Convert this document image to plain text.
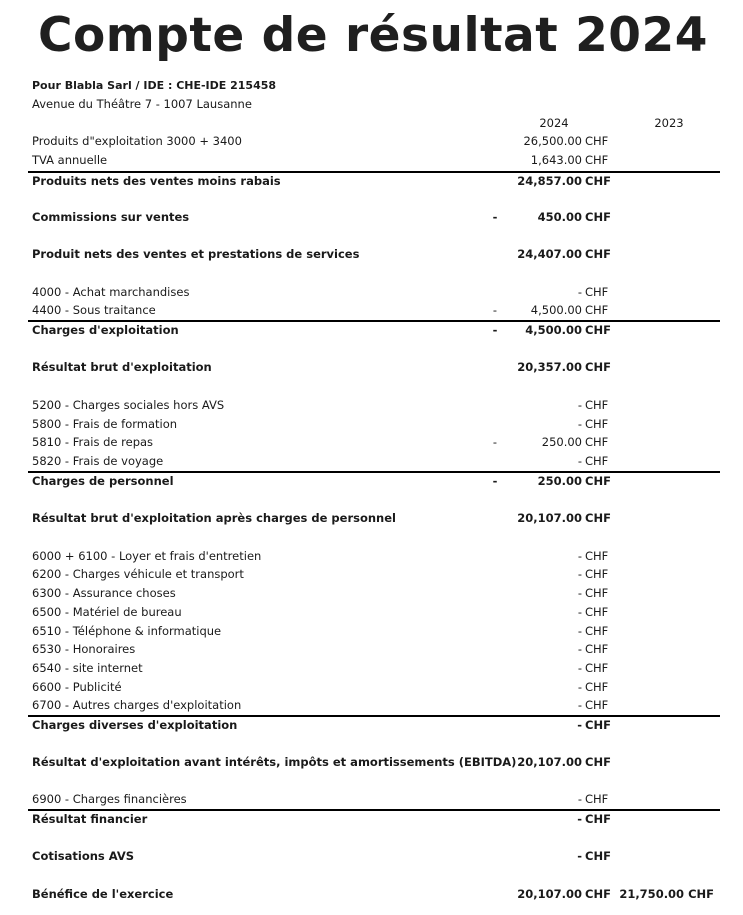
Compte de résultat 2024
Pour Blabla Sarl / IDE : CHE-IDE 215458
Avenue du Théâtre 7 - 1007 Lausanne
2024	2023
Produits d"exploitation 3000 + 3400	26,500.00 CHF
TVA annuelle	1,643.00 CHF
Produits nets des ventes moins rabais	24,857.00 CHF
Commissions sur ventes	-	450.00 CHF
Produit nets des ventes et prestations de services	24,407.00 CHF
4000 - Achat marchandises	- CHF
4400 - Sous traitance	-	4,500.00 CHF
Charges d'exploitation	-	4,500.00 CHF
Résultat brut d'exploitation	20,357.00 CHF
5200 - Charges sociales hors AVS	- CHF
5800 - Frais de formation	- CHF
5810 - Frais de repas	-	250.00 CHF
5820 - Frais de voyage	- CHF
Charges de personnel	-	250.00 CHF
Résultat brut d'exploitation après charges de personnel	20,107.00 CHF
6000 + 6100 - Loyer et frais d'entretien	- CHF
6200 - Charges véhicule et transport	- CHF
6300 - Assurance choses	- CHF
6500 - Matériel de bureau	- CHF
6510 - Téléphone & informatique	- CHF
6530 - Honoraires	- CHF
6540 - site internet	- CHF
6600 - Publicité	- CHF
6700 - Autres charges d'exploitation	- CHF
Charges diverses d'exploitation	- CHF
Résultat d'exploitation avant intérêts, impôts et amortissements (EBITDA) 20,107.00 CHF
6900 - Charges financières	- CHF
Résultat financier	- CHF
Cotisations AVS	- CHF
Bénéfice de l'exercice	20,107.00 CHF 21,750.00 CHF
